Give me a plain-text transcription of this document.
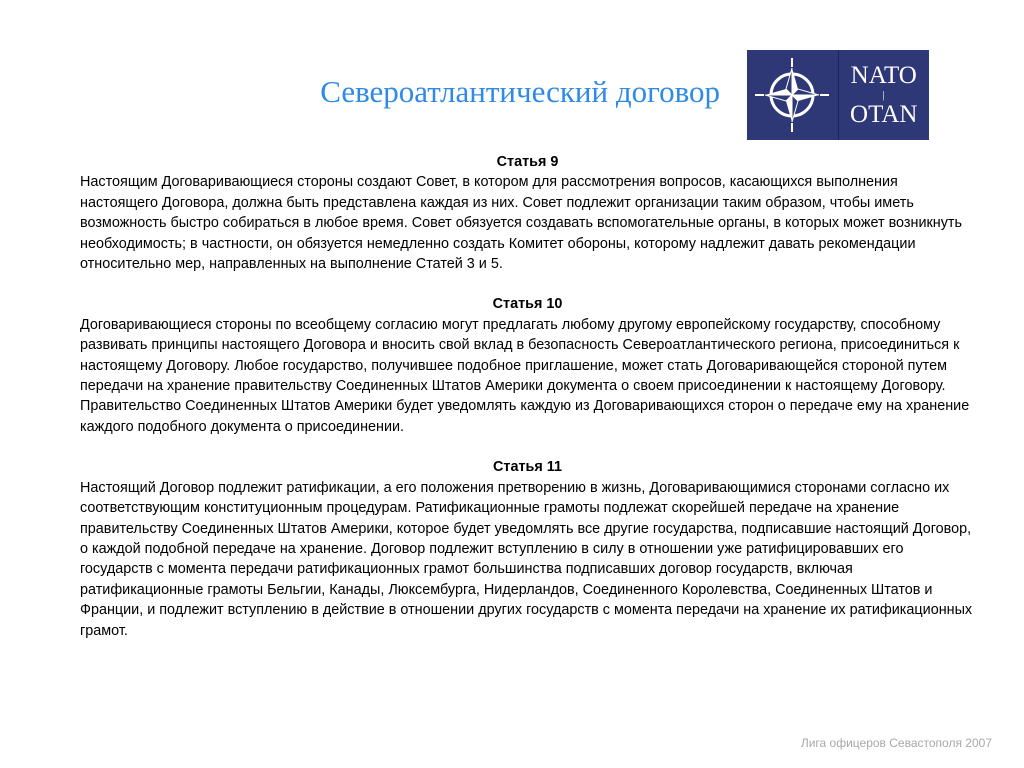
Североатлантический договор	NATO
|
OTAN

Статья 9

Настоящим Договаривающиеся стороны создают Совет, в котором для рассмотрения вопросов, касающихся выполнения настоящего Договора, должна быть представлена каждая из них. Совет подлежит организации таким образом, чтобы иметь возможность быстро собираться в любое время. Совет обязуется создавать вспомогательные органы, в которых может возникнуть необходимость; в частности, он обязуется немедленно создать Комитет обороны, которому надлежит давать рекомендации относительно мер, направленных на выполнение Статей 3 и 5.

Статья 10

Договаривающиеся стороны по всеобщему согласию могут предлагать любому другому европейскому государству, способному развивать принципы настоящего Договора и вносить свой вклад в безопасность Североатлантического региона, присоединиться к настоящему Договору. Любое государство, получившее подобное приглашение, может стать Договаривающейся стороной путем передачи на хранение правительству Соединенных Штатов Америки документа о своем присоединении к настоящему Договору. Правительство Соединенных Штатов Америки будет уведомлять каждую из Договаривающихся сторон о передаче ему на хранение каждого подобного документа о присоединении.

Статья 11

Настоящий Договор подлежит ратификации, а его положения претворению в жизнь, Договаривающимися сторонами согласно их соответствующим конституционным процедурам. Ратификационные грамоты подлежат скорейшей передаче на хранение правительству Соединенных Штатов Америки, которое будет уведомлять все другие государства, подписавшие настоящий Договор, о каждой подобной передаче на хранение. Договор подлежит вступлению в силу в отношении уже ратифицировавших его государств с момента передачи ратификационных грамот большинства подписавших договор государств, включая ратификационные грамоты Бельгии, Канады, Люксембурга, Нидерландов, Соединенного Королевства, Соединенных Штатов и Франции, и подлежит вступлению в действие в отношении других государств с момента передачи на хранение их ратификационных грамот.

Лига офицеров Севастополя 2007
